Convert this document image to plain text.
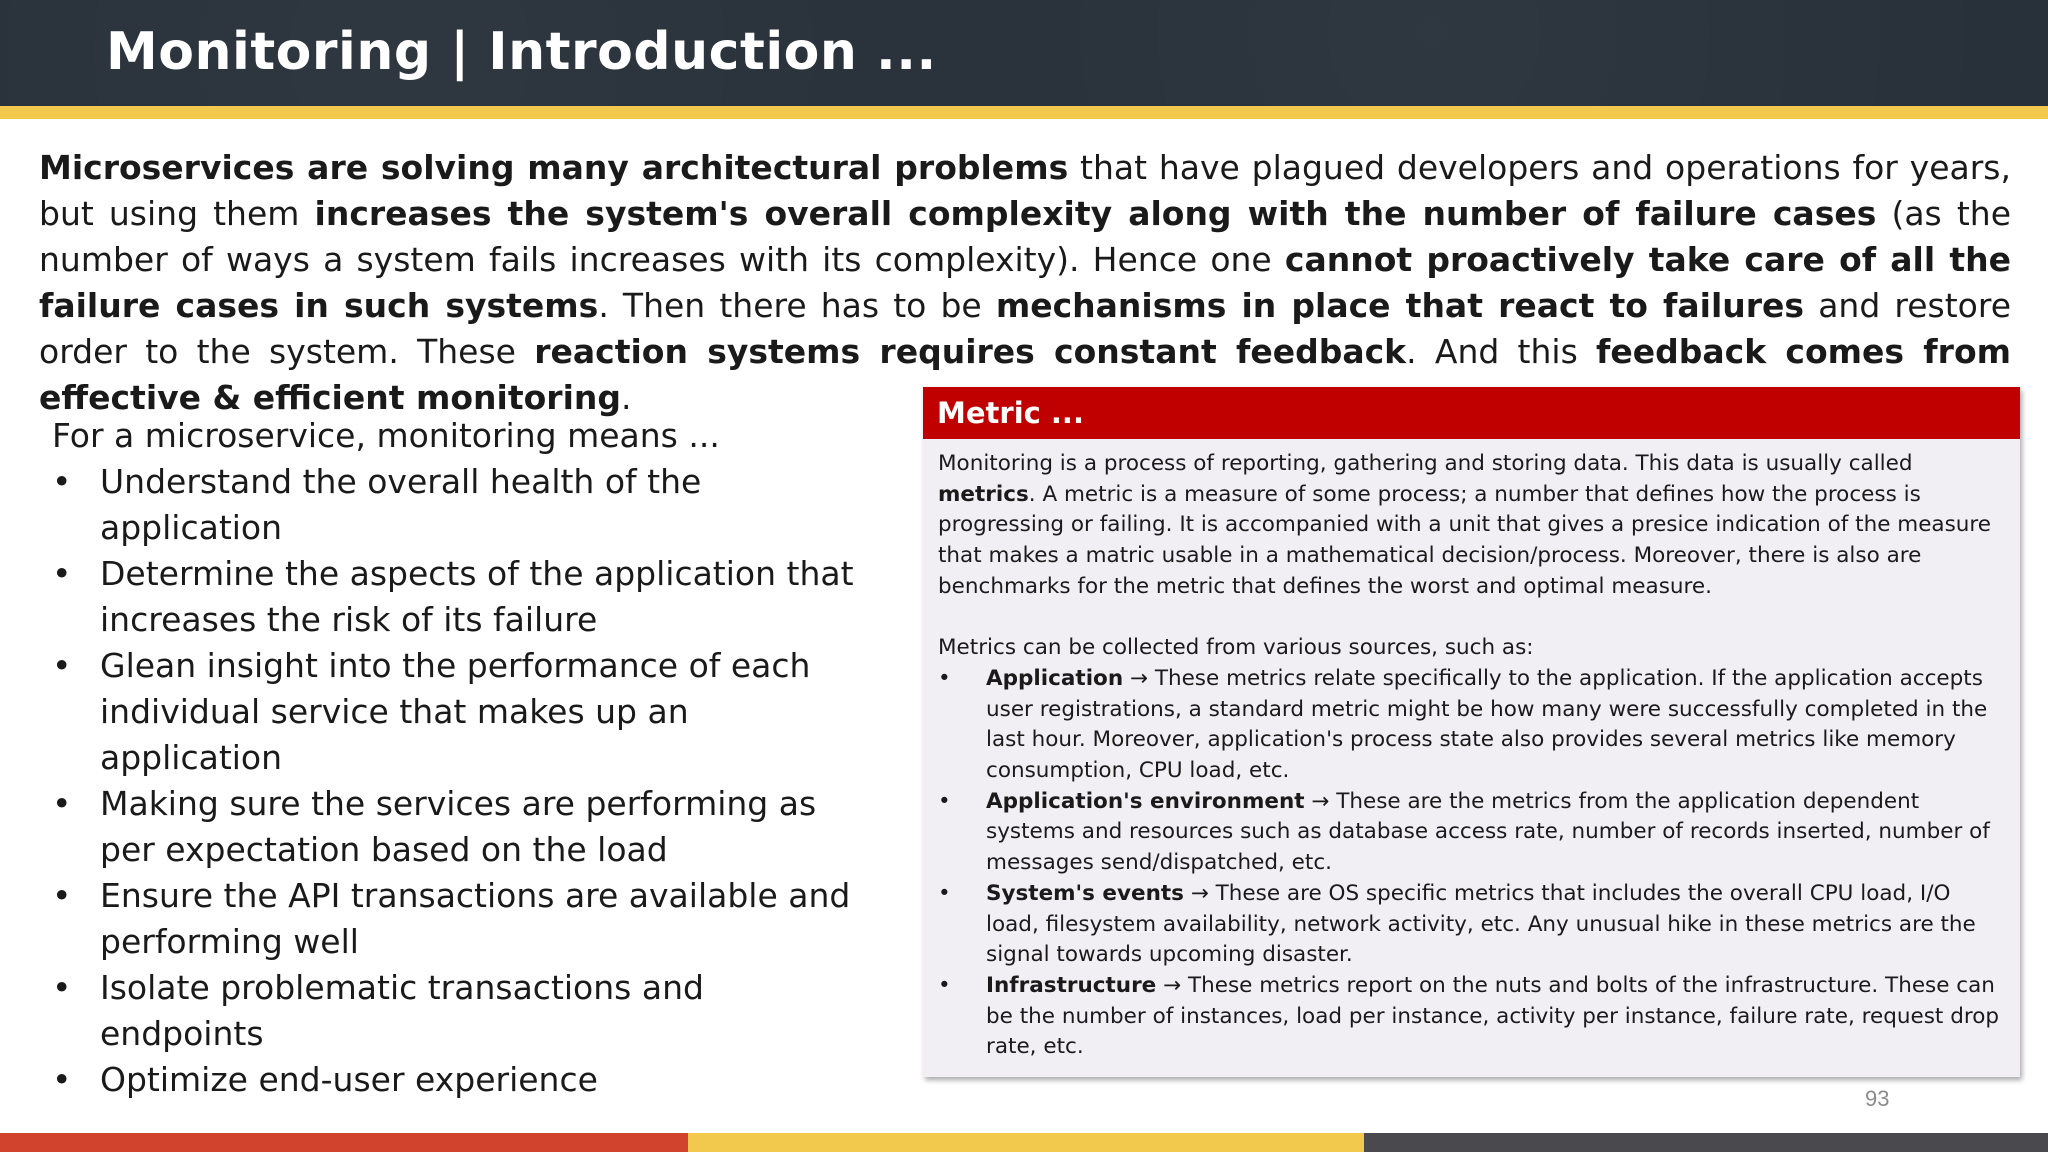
Monitoring | Introduction ...
Microservices are solving many architectural problems that have plagued developers and operations for years, but using them increases the system's overall complexity along with the number of failure cases (as the number of ways a system fails increases with its complexity). Hence one cannot proactively take care of all the failure cases in such systems. Then there has to be mechanisms in place that react to failures and restore order to the system. These reaction systems requires constant feedback. And this feedback comes from effective & efficient monitoring.

For a microservice, monitoring means ...

• Understand the overall health of the application
• Determine the aspects of the application that increases the risk of its failure
• Glean insight into the performance of each individual service that makes up an application
• Making sure the services are performing as per expectation based on the load
• Ensure the API transactions are available and performing well
• Isolate problematic transactions and endpoints
• Optimize end-user experience
Metric ...

Monitoring is a process of reporting, gathering and storing data. This data is usually called metrics. A metric is a measure of some process; a number that defines how the process is progressing or failing. It is accompanied with a unit that gives a presice indication of the measure that makes a matric usable in a mathematical decision/process. Moreover, there is also are benchmarks for the metric that defines the worst and optimal measure.

Metrics can be collected from various sources, such as:

• Application → These metrics relate specifically to the application. If the application accepts user registrations, a standard metric might be how many were successfully completed in the last hour. Moreover, application's process state also provides several metrics like memory consumption, CPU load, etc.
• Application's environment → These are the metrics from the application dependent systems and resources such as database access rate, number of records inserted, number of messages send/dispatched, etc.
• System's events → These are OS specific metrics that includes the overall CPU load, I/O load, filesystem availability, network activity, etc. Any unusual hike in these metrics are the signal towards upcoming disaster.
• Infrastructure → These metrics report on the nuts and bolts of the infrastructure. These can be the number of instances, load per instance, activity per instance, failure rate, request drop rate, etc.
93
